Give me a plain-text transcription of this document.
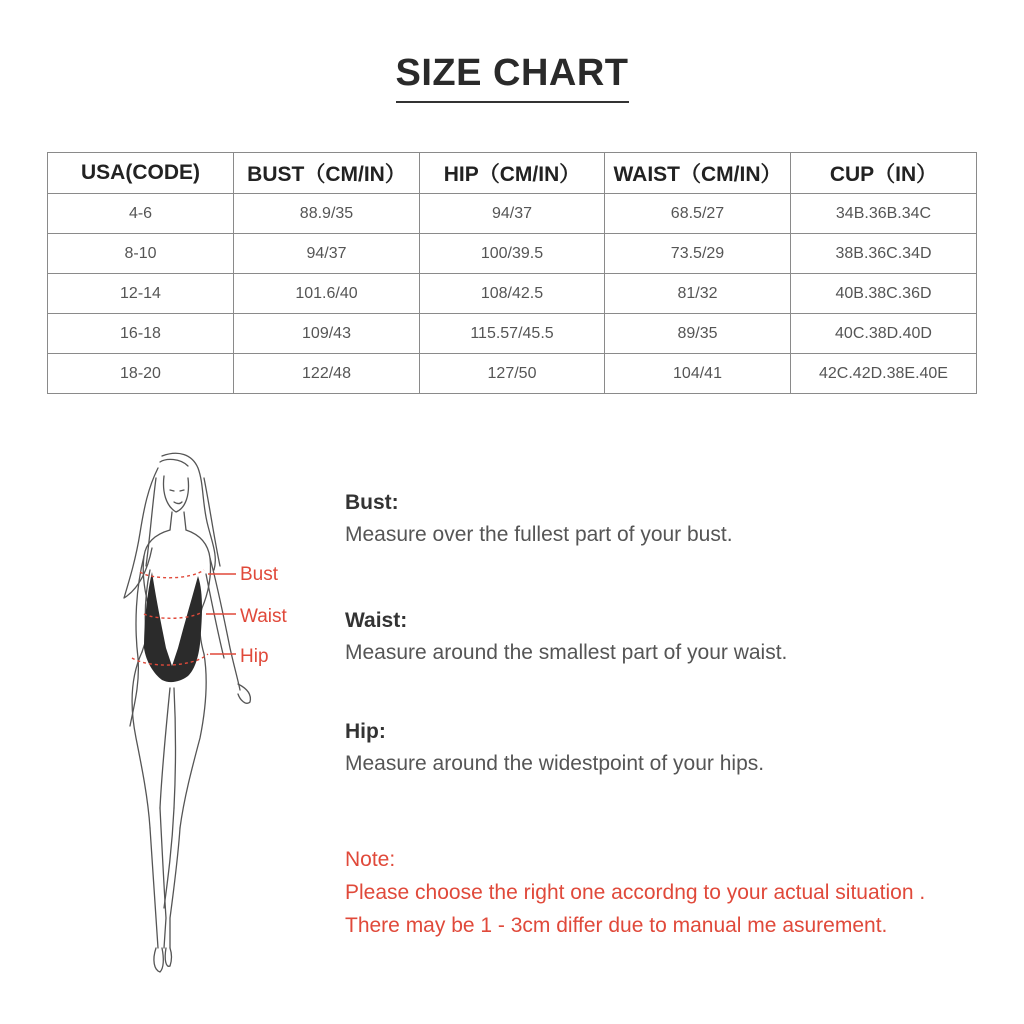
SIZE CHART
USA(CODE)	BUST（CM/IN）	HIP（CM/IN）	WAIST（CM/IN）	CUP（IN）
4-6	88.9/35	94/37	68.5/27	34B.36B.34C
8-10	94/37	100/39.5	73.5/29	38B.36C.34D
12-14	101.6/40	108/42.5	81/32	40B.38C.36D
16-18	109/43	115.57/45.5	89/35	40C.38D.40D
18-20	122/48	127/50	104/41	42C.42D.38E.40E
Bust
Waist
Hip
Bust:
Measure over the fullest part of your bust.
Waist:
Measure around the smallest part of your waist.
Hip:
Measure around the widestpoint of your hips.
Note:
Please choose the right one accordng to your actual situation .
There may be 1 - 3cm differ due to manual me asurement.
